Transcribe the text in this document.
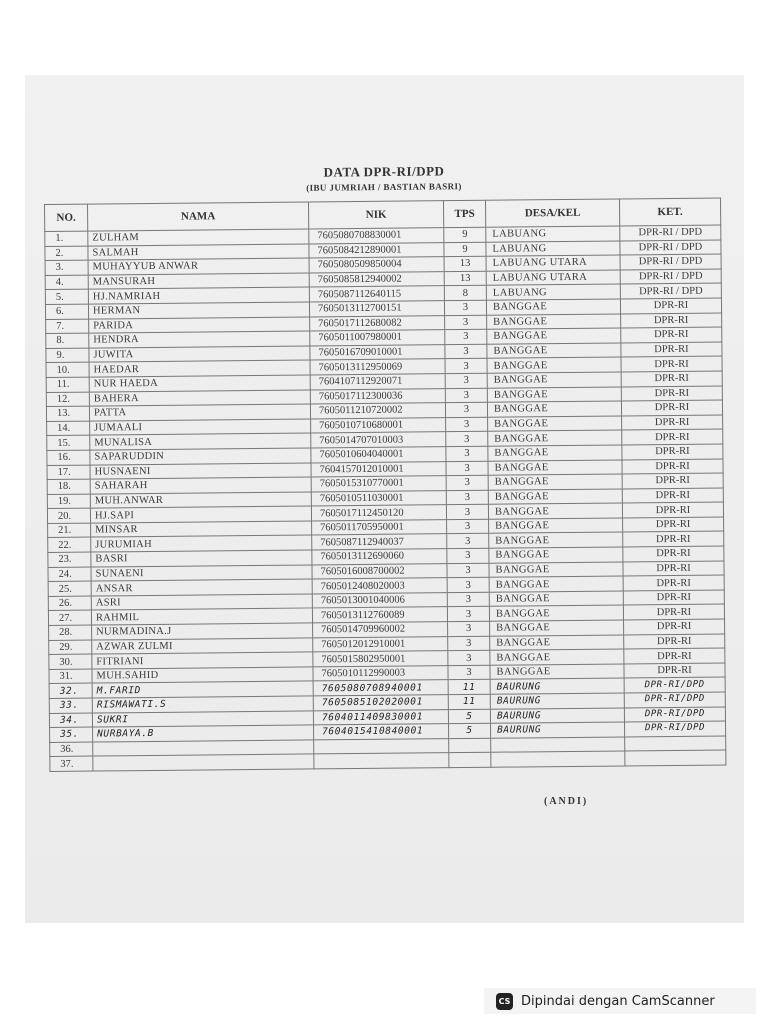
DATA DPR-RI/DPD
(IBU JUMRIAH / BASTIAN BASRI)
NO.	NAMA	NIK	TPS	DESA/KEL	KET.
1.	ZULHAM	7605080708830001	9	LABUANG	DPR-RI / DPD
2.	SALMAH	7605084212890001	9	LABUANG	DPR-RI / DPD
3.	MUHAYYUB ANWAR	7605080509850004	13	LABUANG UTARA	DPR-RI / DPD
4.	MANSURAH	7605085812940002	13	LABUANG UTARA	DPR-RI / DPD
5.	HJ.NAMRIAH	7605087112640115	8	LABUANG	DPR-RI / DPD
6.	HERMAN	7605013112700151	3	BANGGAE	DPR-RI
7.	PARIDA	7605017112680082	3	BANGGAE	DPR-RI
8.	HENDRA	7605011007980001	3	BANGGAE	DPR-RI
9.	JUWITA	7605016709010001	3	BANGGAE	DPR-RI
10.	HAEDAR	7605013112950069	3	BANGGAE	DPR-RI
11.	NUR HAEDA	7604107112920071	3	BANGGAE	DPR-RI
12.	BAHERA	7605017112300036	3	BANGGAE	DPR-RI
13.	PATTA	7605011210720002	3	BANGGAE	DPR-RI
14.	JUMAALI	7605010710680001	3	BANGGAE	DPR-RI
15.	MUNALISA	7605014707010003	3	BANGGAE	DPR-RI
16.	SAPARUDDIN	7605010604040001	3	BANGGAE	DPR-RI
17.	HUSNAENI	7604157012010001	3	BANGGAE	DPR-RI
18.	SAHARAH	7605015310770001	3	BANGGAE	DPR-RI
19.	MUH.ANWAR	7605010511030001	3	BANGGAE	DPR-RI
20.	HJ.SAPI	7605017112450120	3	BANGGAE	DPR-RI
21.	MINSAR	7605011705950001	3	BANGGAE	DPR-RI
22.	JURUMIAH	7605087112940037	3	BANGGAE	DPR-RI
23.	BASRI	7605013112690060	3	BANGGAE	DPR-RI
24.	SUNAENI	7605016008700002	3	BANGGAE	DPR-RI
25.	ANSAR	7605012408020003	3	BANGGAE	DPR-RI
26.	ASRI	7605013001040006	3	BANGGAE	DPR-RI
27.	RAHMIL	7605013112760089	3	BANGGAE	DPR-RI
28.	NURMADINA.J	7605014709960002	3	BANGGAE	DPR-RI
29.	AZWAR ZULMI	7605012012910001	3	BANGGAE	DPR-RI
30.	FITRIANI	7605015802950001	3	BANGGAE	DPR-RI
31.	MUH.SAHID	7605010112990003	3	BANGGAE	DPR-RI
32.	M.FARID	7605080708940001	11	BAURUNG	DPR-RI/DPD
33.	RISMAWATI.S	7605085102020001	11	BAURUNG	DPR-RI/DPD
34.	SUKRI	7604011409830001	5	BAURUNG	DPR-RI/DPD
35.	NURBAYA.B	7604015410840001	5	BAURUNG	DPR-RI/DPD
36.					
37.					
(ANDI)
CS Dipindai dengan CamScanner
